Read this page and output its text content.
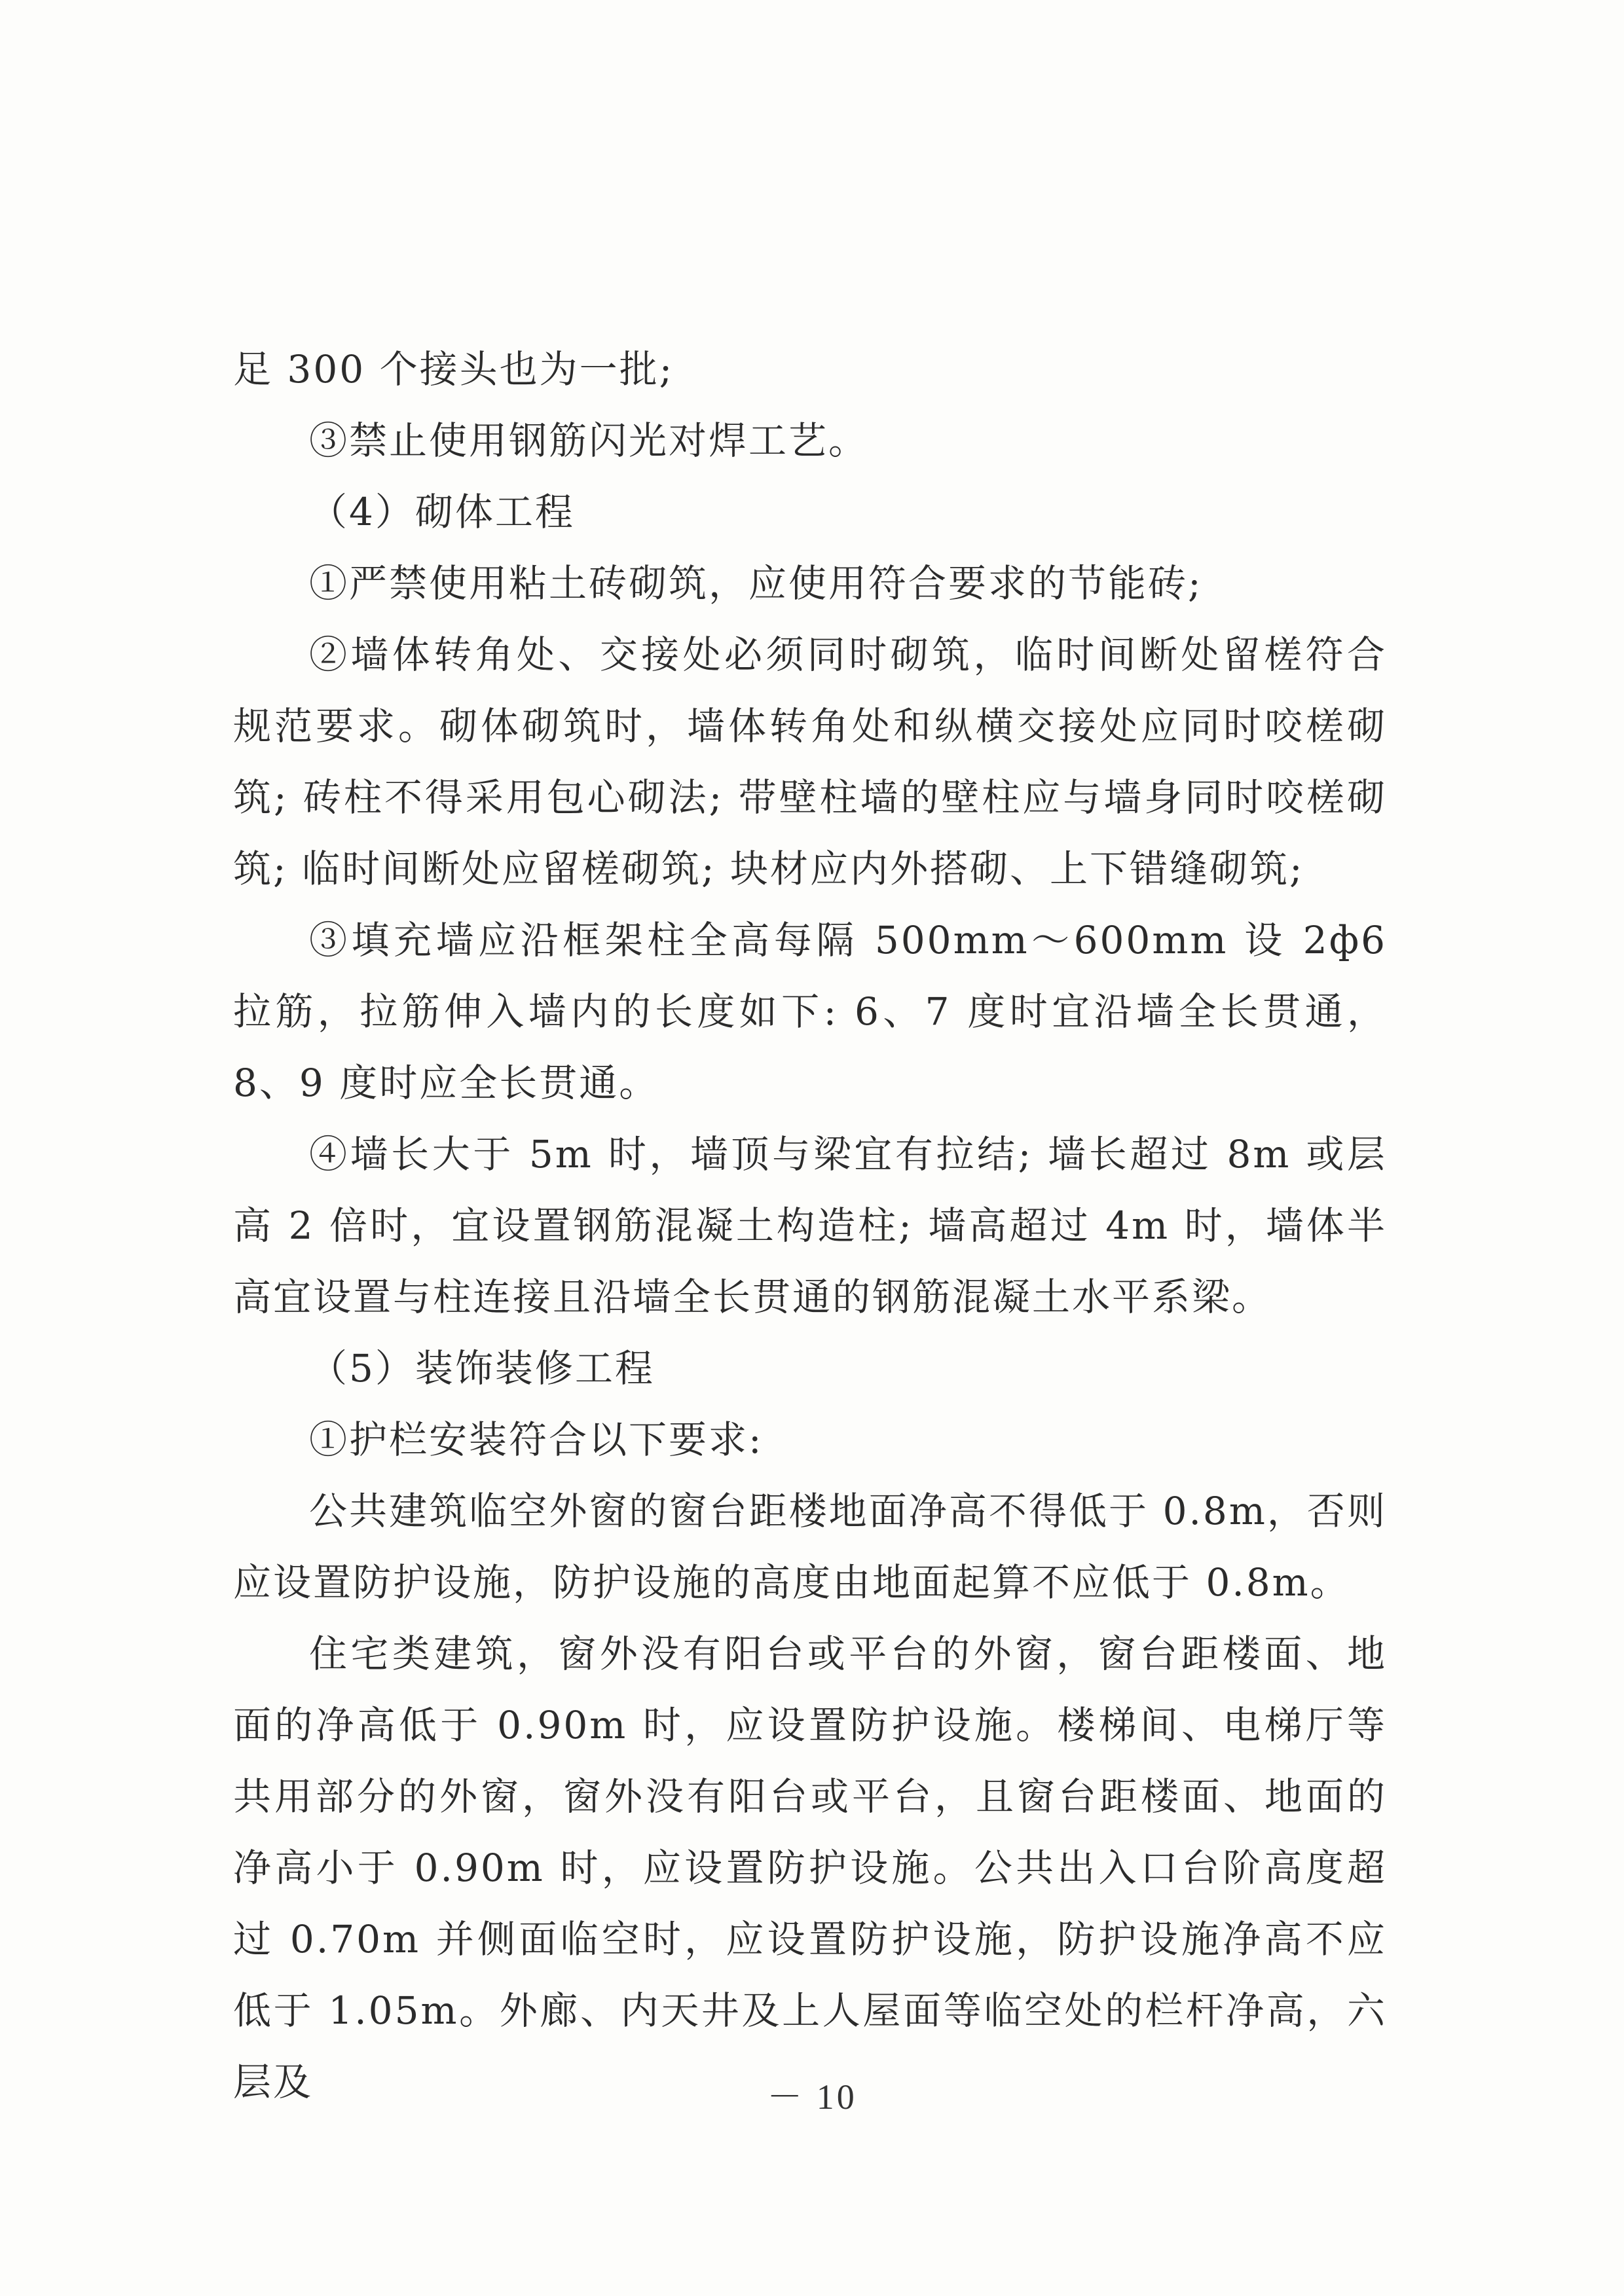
足 300 个接头也为一批;

③禁止使用钢筋闪光对焊工艺。

（4）砌体工程

①严禁使用粘土砖砌筑，应使用符合要求的节能砖;

②墙体转角处、交接处必须同时砌筑，临时间断处留槎符合规范要求。砌体砌筑时，墙体转角处和纵横交接处应同时咬槎砌筑; 砖柱不得采用包心砌法; 带壁柱墙的壁柱应与墙身同时咬槎砌筑; 临时间断处应留槎砌筑; 块材应内外搭砌、上下错缝砌筑;

③填充墙应沿框架柱全高每隔 500mm～600mm 设 2ф6 拉筋，拉筋伸入墙内的长度如下: 6、7 度时宜沿墙全长贯通，8、9 度时应全长贯通。

④墙长大于 5m 时，墙顶与梁宜有拉结; 墙长超过 8m 或层高 2 倍时，宜设置钢筋混凝土构造柱; 墙高超过 4m 时，墙体半高宜设置与柱连接且沿墙全长贯通的钢筋混凝土水平系梁。

（5）装饰装修工程

①护栏安装符合以下要求:

公共建筑临空外窗的窗台距楼地面净高不得低于 0.8m，否则应设置防护设施，防护设施的高度由地面起算不应低于 0.8m。

住宅类建筑，窗外没有阳台或平台的外窗，窗台距楼面、地面的净高低于 0.90m 时，应设置防护设施。楼梯间、电梯厅等共用部分的外窗，窗外没有阳台或平台，且窗台距楼面、地面的净高小于 0.90m 时，应设置防护设施。公共出入口台阶高度超过 0.70m 并侧面临空时，应设置防护设施，防护设施净高不应低于 1.05m。外廊、内天井及上人屋面等临空处的栏杆净高，六层及	－ 10
